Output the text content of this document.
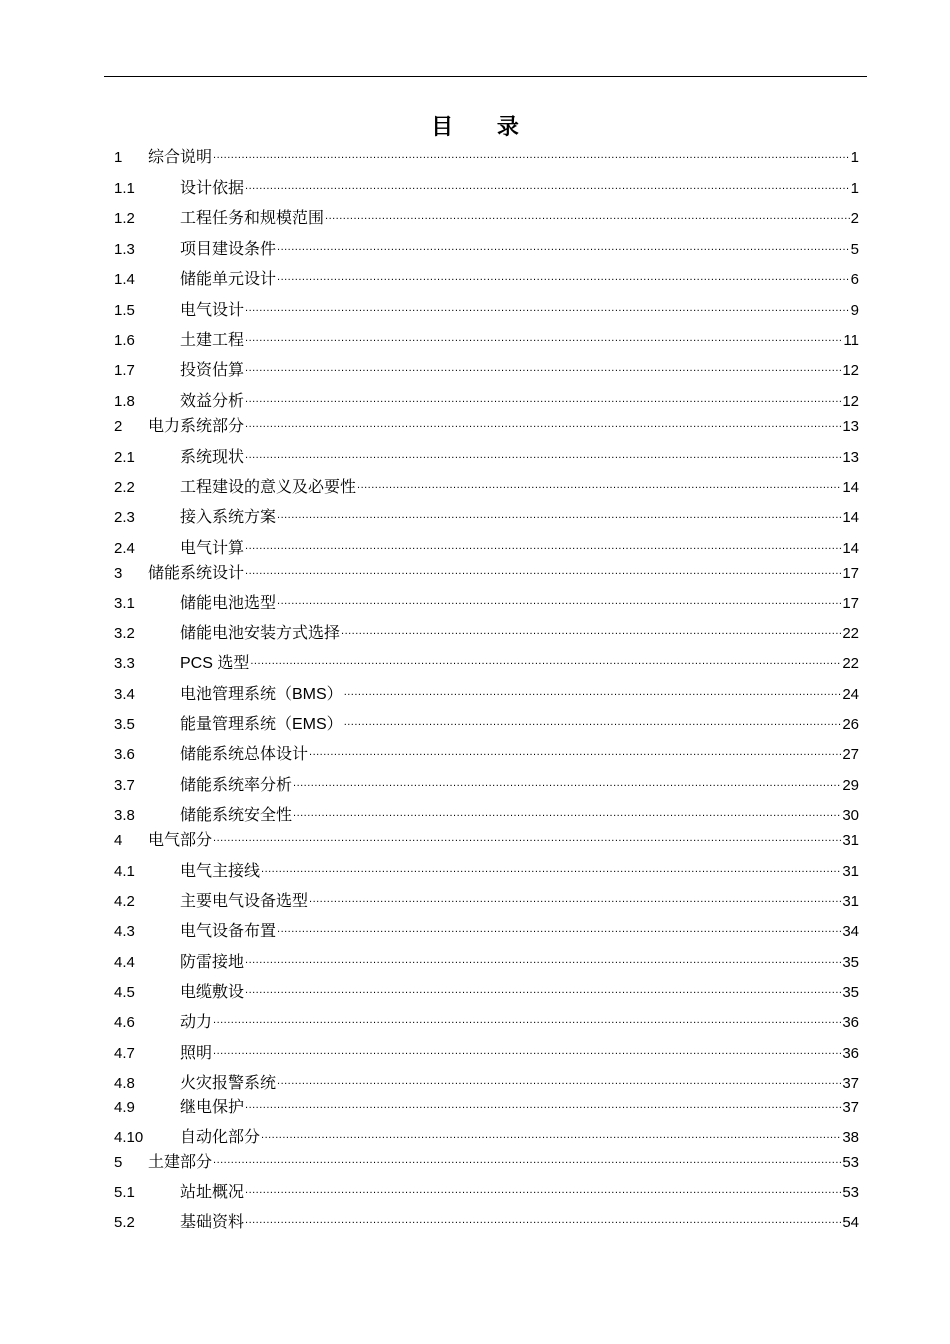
目 录
1	综合说明 .....	1
1.1	设计依据 .....	1
1.2	工程任务和规模范围 .....	2
1.3	项目建设条件 .....	5
1.4	储能单元设计 .....	6
1.5	电气设计 .....	9
1.6	土建工程 .....	11
1.7	投资估算 .....	12
1.8	效益分析 .....	12
2	电力系统部分 .....	13
2.1	系统现状 .....	13
2.2	工程建设的意义及必要性 .....	14
2.3	接入系统方案 .....	14
2.4	电气计算 .....	14
3	储能系统设计 .....	17
3.1	储能电池选型 .....	17
3.2	储能电池安装方式选择 .....	22
3.3	PCS 选型 .....	22
3.4	电池管理系统（BMS） .....	24
3.5	能量管理系统（EMS） .....	26
3.6	储能系统总体设计 .....	27
3.7	储能系统率分析 .....	29
3.8	储能系统安全性 .....	30
4	电气部分 .....	31
4.1	电气主接线 .....	31
4.2	主要电气设备选型 .....	31
4.3	电气设备布置 .....	34
4.4	防雷接地 .....	35
4.5	电缆敷设 .....	35
4.6	动力 .....	36
4.7	照明 .....	36
4.8	火灾报警系统 .....	37
4.9	继电保护 .....	37
4.10	自动化部分 .....	38
5	土建部分 .....	53
5.1	站址概况 .....	53
5.2	基础资料 .....	54
